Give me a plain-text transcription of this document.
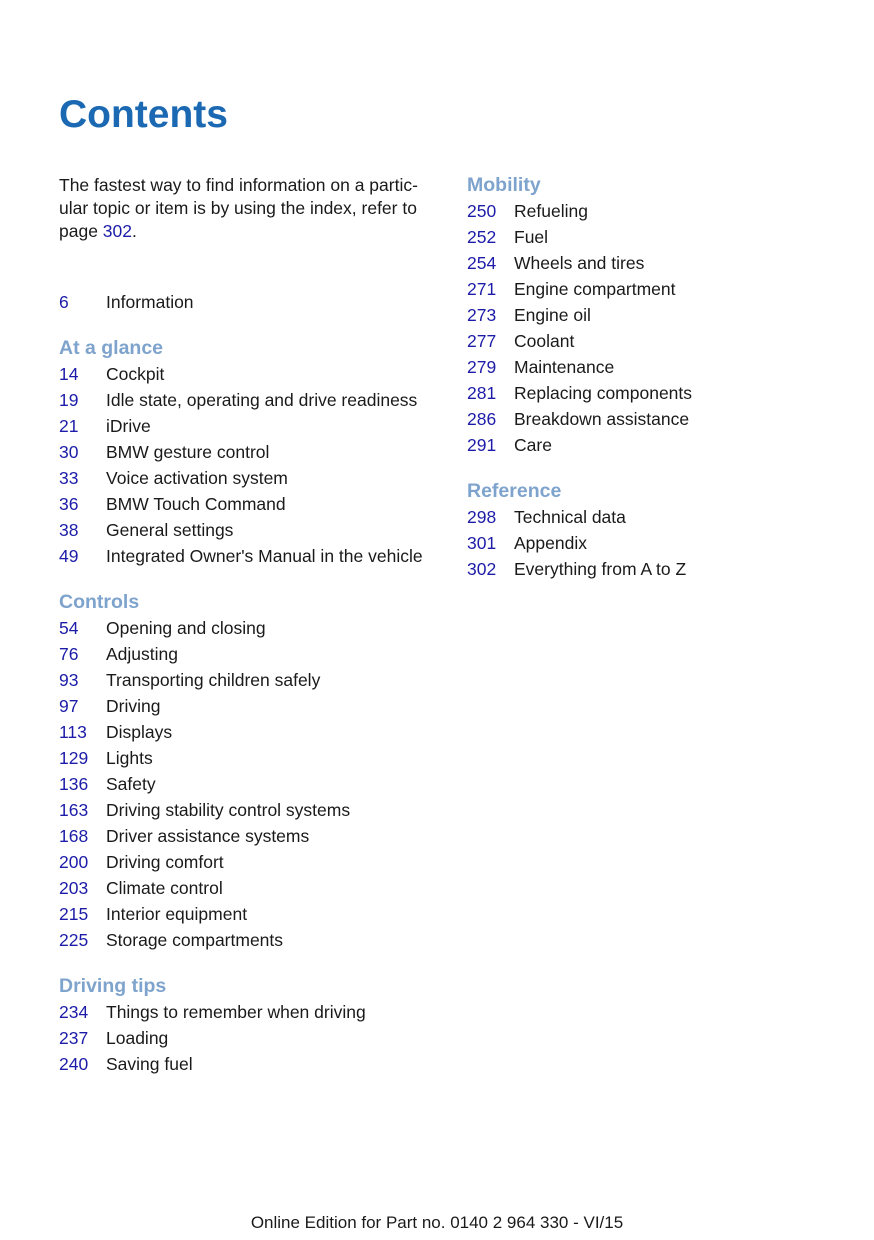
Contents
The fastest way to find information on a partic-
ular topic or item is by using the index, refer to
page 302.
6	Information
At a glance
14	Cockpit
19	Idle state, operating and drive readiness
21	iDrive
30	BMW gesture control
33	Voice activation system
36	BMW Touch Command
38	General settings
49	Integrated Owner's Manual in the vehicle
Controls
54	Opening and closing
76	Adjusting
93	Transporting children safely
97	Driving
113	Displays
129	Lights
136	Safety
163	Driving stability control systems
168	Driver assistance systems
200	Driving comfort
203	Climate control
215	Interior equipment
225	Storage compartments
Driving tips
234	Things to remember when driving
237	Loading
240	Saving fuel
Mobility
250	Refueling
252	Fuel
254	Wheels and tires
271	Engine compartment
273	Engine oil
277	Coolant
279	Maintenance
281	Replacing components
286	Breakdown assistance
291	Care
Reference
298	Technical data
301	Appendix
302	Everything from A to Z
Online Edition for Part no. 0140 2 964 330 - VI/15
